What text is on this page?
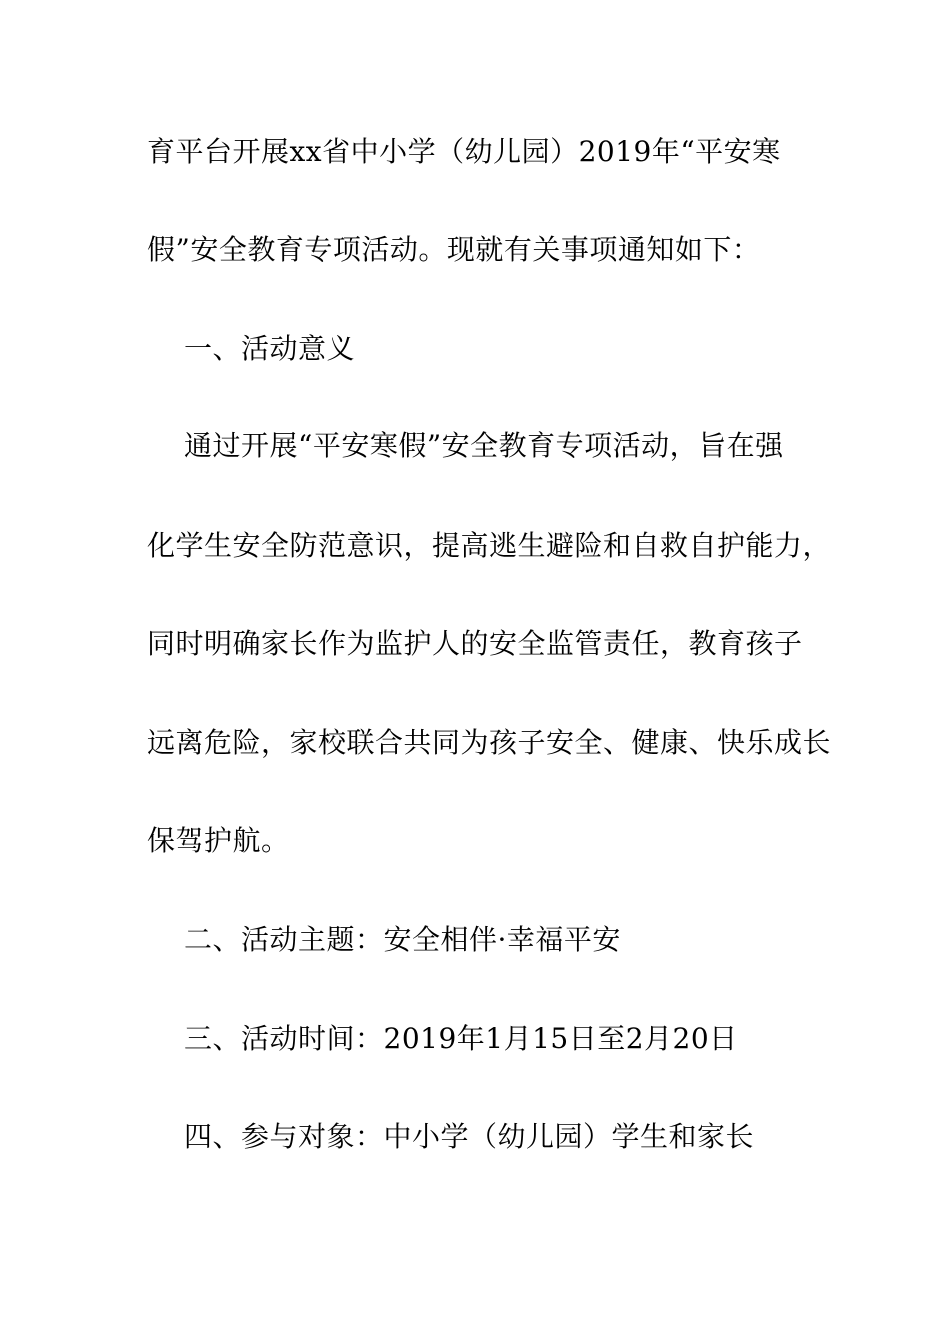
育平台开展xx省中小学（幼儿园）2019年“平安寒
假”安全教育专项活动。现就有关事项通知如下：
一、活动意义
通过开展“平安寒假”安全教育专项活动，旨在强
化学生安全防范意识，提高逃生避险和自救自护能力，
同时明确家长作为监护人的安全监管责任，教育孩子
远离危险，家校联合共同为孩子安全、健康、快乐成长
保驾护航。
二、活动主题：安全相伴·幸福平安
三、活动时间：2019年1月15日至2月20日
四、参与对象：中小学（幼儿园）学生和家长
